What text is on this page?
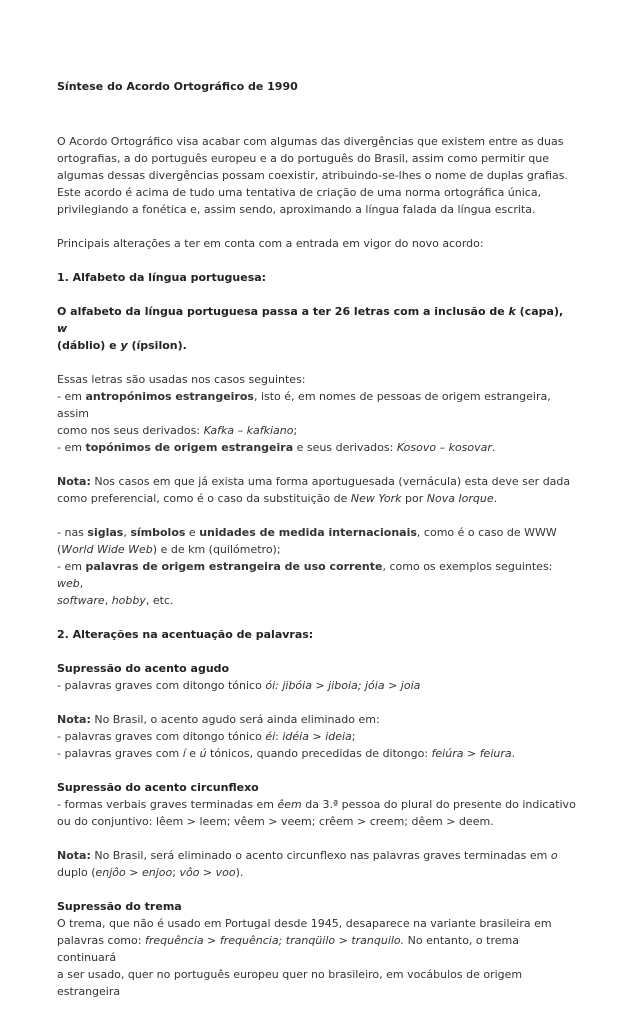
Síntese do Acordo Ortográfico de 1990
O Acordo Ortográfico visa acabar com algumas das divergências que existem entre as duas
ortografias, a do português europeu e a do português do Brasil, assim como permitir que
algumas dessas divergências possam coexistir, atribuindo-se-lhes o nome de duplas grafias.
Este acordo é acima de tudo uma tentativa de criação de uma norma ortográfica única,
privilegiando a fonética e, assim sendo, aproximando a língua falada da língua escrita.
Principais alterações a ter em conta com a entrada em vigor do novo acordo:
1. Alfabeto da língua portuguesa:
O alfabeto da língua portuguesa passa a ter 26 letras com a inclusão de k (capa), w
(dáblio) e y (ípsilon).
Essas letras são usadas nos casos seguintes:
- em antropónimos estrangeiros, isto é, em nomes de pessoas de origem estrangeira, assim
como nos seus derivados: Kafka – kafkiano;
- em topónimos de origem estrangeira e seus derivados: Kosovo – kosovar.
Nota: Nos casos em que já exista uma forma aportuguesada (vernácula) esta deve ser dada
como preferencial, como é o caso da substituição de New York por Nova Iorque.
- nas siglas, símbolos e unidades de medida internacionais, como é o caso de WWW
(World Wide Web) e de km (quilómetro);
- em palavras de origem estrangeira de uso corrente, como os exemplos seguintes: web,
software, hobby, etc.
2. Alterações na acentuação de palavras:
Supressão do acento agudo
- palavras graves com ditongo tónico ói: jibóia > jiboia; jóia > joia
Nota: No Brasil, o acento agudo será ainda eliminado em:
- palavras graves com ditongo tónico éi: idéia > ideia;
- palavras graves com í e ú tónicos, quando precedidas de ditongo: feiúra > feiura.
Supressão do acento circunflexo
- formas verbais graves terminadas em êem da 3.ª pessoa do plural do presente do indicativo
ou do conjuntivo: lêem > leem; vêem > veem; crêem > creem; dêem > deem.
Nota: No Brasil, será eliminado o acento circunflexo nas palavras graves terminadas em o
duplo (enjôo > enjoo; vôo > voo).
Supressão do trema
O trema, que não é usado em Portugal desde 1945, desaparece na variante brasileira em
palavras como: frequência > frequência; tranqüilo > tranquilo. No entanto, o trema continuará
a ser usado, quer no português europeu quer no brasileiro, em vocábulos de origem estrangeira
